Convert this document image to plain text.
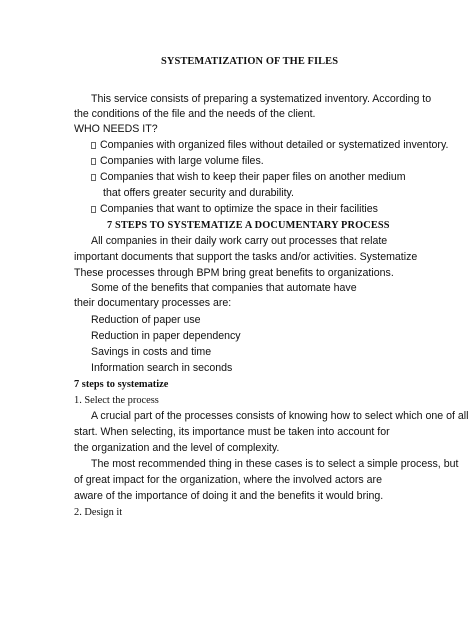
SYSTEMATIZATION OF THE FILES
This service consists of preparing a systematized inventory. According to
the conditions of the file and the needs of the client.
WHO NEEDS IT?
Companies with organized files without detailed or systematized inventory.
Companies with large volume files.
Companies that wish to keep their paper files on another medium
that offers greater security and durability.
Companies that want to optimize the space in their facilities
7 STEPS TO SYSTEMATIZE A DOCUMENTARY PROCESS
All companies in their daily work carry out processes that relate
important documents that support the tasks and/or activities. Systematize
These processes through BPM bring great benefits to organizations.
Some of the benefits that companies that automate have
their documentary processes are:
Reduction of paper use
Reduction in paper dependency
Savings in costs and time
Information search in seconds
7 steps to systematize
1. Select the process
A crucial part of the processes consists of knowing how to select which one of all
start. When selecting, its importance must be taken into account for
the organization and the level of complexity.
The most recommended thing in these cases is to select a simple process, but
of great impact for the organization, where the involved actors are
aware of the importance of doing it and the benefits it would bring.
2. Design it
